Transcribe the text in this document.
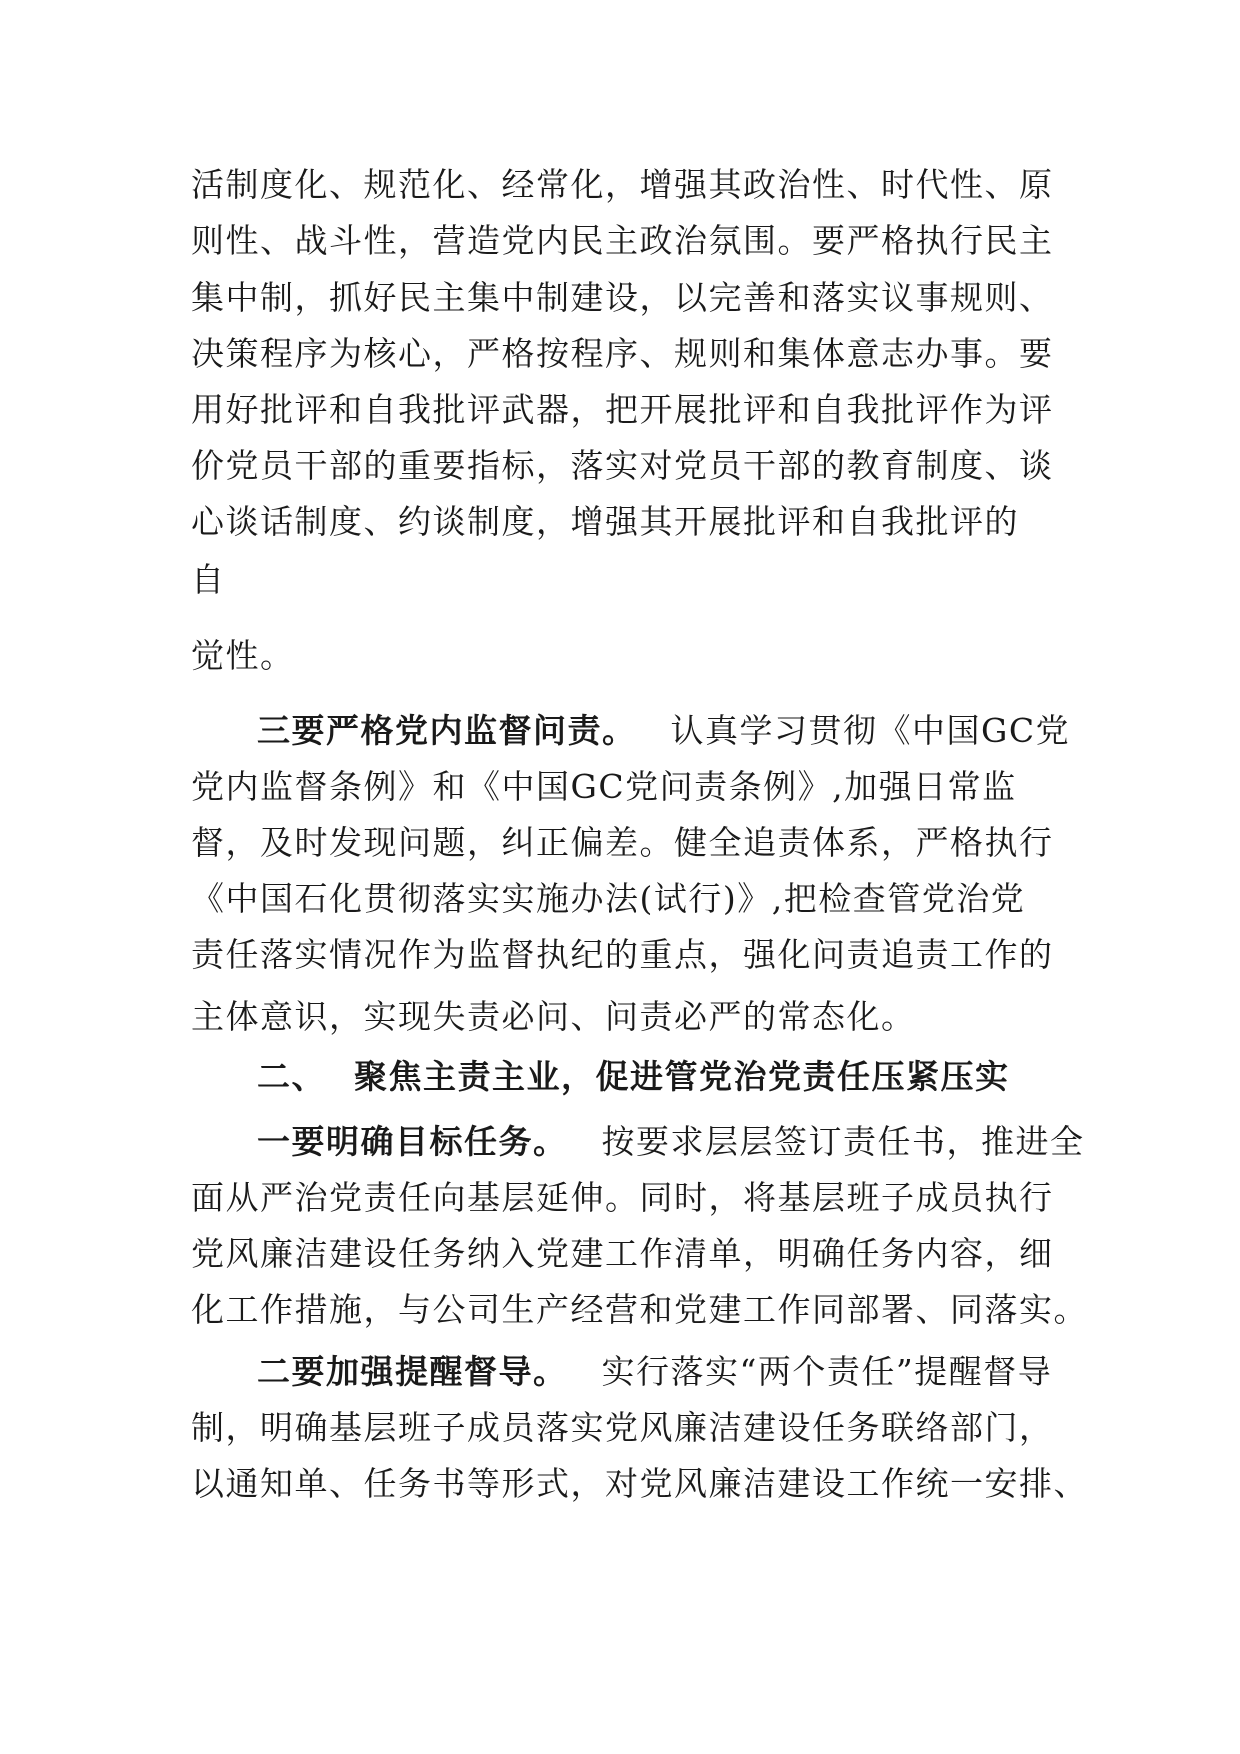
活制度化、规范化、经常化，增强其政治性、时代性、原
则性、战斗性，营造党内民主政治氛围。要严格执行民主
集中制，抓好民主集中制建设，以完善和落实议事规则、
决策程序为核心，严格按程序、规则和集体意志办事。要
用好批评和自我批评武器，把开展批评和自我批评作为评
价党员干部的重要指标，落实对党员干部的教育制度、谈
心谈话制度、约谈制度，增强其开展批评和自我批评的
自
觉性。
三要严格党内监督问责。 认真学习贯彻《中国GC党
党内监督条例》和《中国GC党问责条例》,加强日常监
督，及时发现问题，纠正偏差。健全追责体系，严格执行
《中国石化贯彻落实实施办法(试行)》,把检查管党治党
责任落实情况作为监督执纪的重点，强化问责追责工作的
主体意识，实现失责必问、问责必严的常态化。
二、 聚焦主责主业，促进管党治党责任压紧压实
一要明确目标任务。 按要求层层签订责任书，推进全
面从严治党责任向基层延伸。同时，将基层班子成员执行
党风廉洁建设任务纳入党建工作清单，明确任务内容，细
化工作措施，与公司生产经营和党建工作同部署、同落实。
二要加强提醒督导。 实行落实“两个责任”提醒督导
制，明确基层班子成员落实党风廉洁建设任务联络部门，
以通知单、任务书等形式，对党风廉洁建设工作统一安排、
